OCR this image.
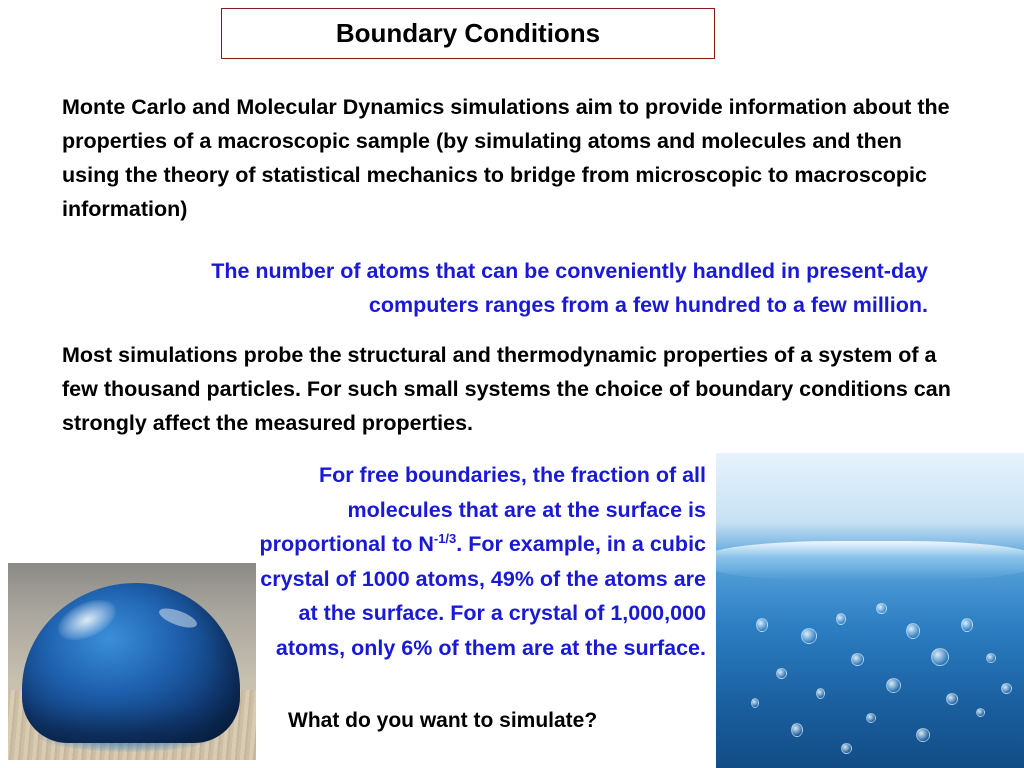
Boundary Conditions
Monte Carlo and Molecular Dynamics simulations aim to provide information about the properties of a macroscopic sample (by simulating atoms and molecules and then using the theory of statistical mechanics to bridge from microscopic to macroscopic information)
The number of atoms that can be conveniently handled in present-day computers ranges from a few hundred to a few million.
Most simulations probe the structural and thermodynamic properties of a system of a few thousand particles. For such small systems the choice of boundary conditions can strongly affect the measured properties.
For free boundaries, the fraction of all molecules that are at the surface is proportional to $N^{-1/3}$. For example, in a cubic crystal of 1000 atoms, 49% of the atoms are at the surface. For a crystal of 1,000,000 atoms, only 6% of them are at the surface.
What do you want to simulate?
